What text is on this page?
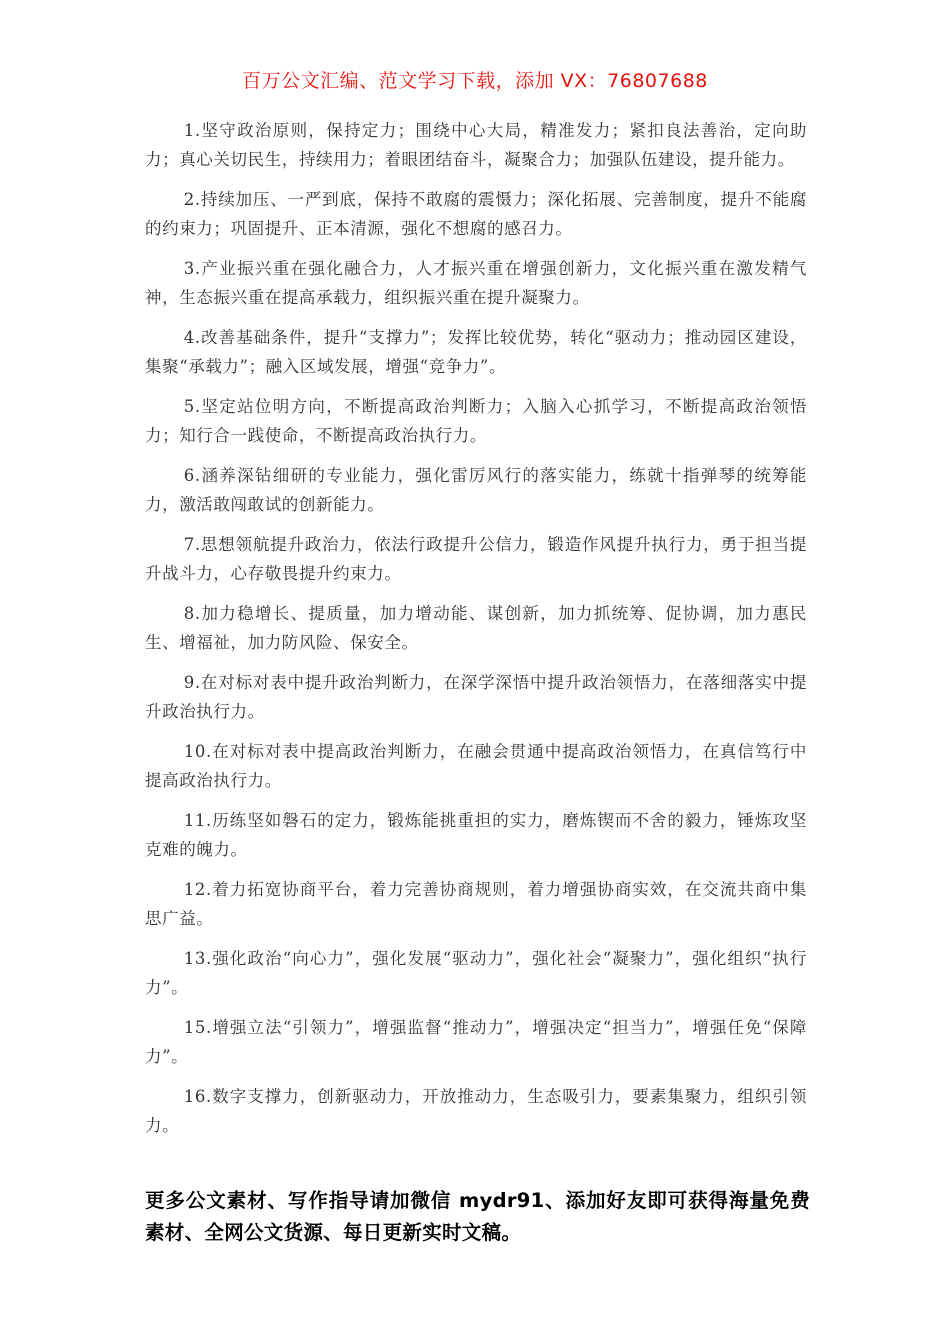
百万公文汇编、范文学习下载，添加 VX：76807688

1.坚守政治原则，保持定力；围绕中心大局，精准发力；紧扣良法善治，定向助力；真心关切民生，持续用力；着眼团结奋斗，凝聚合力；加强队伍建设，提升能力。

2.持续加压、一严到底，保持不敢腐的震慑力；深化拓展、完善制度，提升不能腐的约束力；巩固提升、正本清源，强化不想腐的感召力。

3.产业振兴重在强化融合力，人才振兴重在增强创新力，文化振兴重在激发精气神，生态振兴重在提高承载力，组织振兴重在提升凝聚力。

4.改善基础条件，提升“支撑力”；发挥比较优势，转化“驱动力；推动园区建设，集聚“承载力”；融入区域发展，增强“竞争力”。

5.坚定站位明方向，不断提高政治判断力；入脑入心抓学习，不断提高政治领悟力；知行合一践使命，不断提高政治执行力。

6.涵养深钻细研的专业能力，强化雷厉风行的落实能力，练就十指弹琴的统筹能力，激活敢闯敢试的创新能力。

7.思想领航提升政治力，依法行政提升公信力，锻造作风提升执行力，勇于担当提升战斗力，心存敬畏提升约束力。

8.加力稳增长、提质量，加力增动能、谋创新，加力抓统筹、促协调，加力惠民生、增福祉，加力防风险、保安全。

9.在对标对表中提升政治判断力，在深学深悟中提升政治领悟力，在落细落实中提升政治执行力。

10.在对标对表中提高政治判断力，在融会贯通中提高政治领悟力，在真信笃行中提高政治执行力。

11.历练坚如磐石的定力，锻炼能挑重担的实力，磨炼锲而不舍的毅力，锤炼攻坚克难的魄力。

12.着力拓宽协商平台，着力完善协商规则，着力增强协商实效，在交流共商中集思广益。

13.强化政治“向心力”，强化发展“驱动力”，强化社会“凝聚力”，强化组织“执行力”。

15.增强立法“引领力”，增强监督“推动力”，增强决定“担当力”，增强任免“保障力”。

16.数字支撑力，创新驱动力，开放推动力，生态吸引力，要素集聚力，组织引领力。

更多公文素材、写作指导请加微信 mydr91、添加好友即可获得海量免费素材、全网公文货源、每日更新实时文稿。
